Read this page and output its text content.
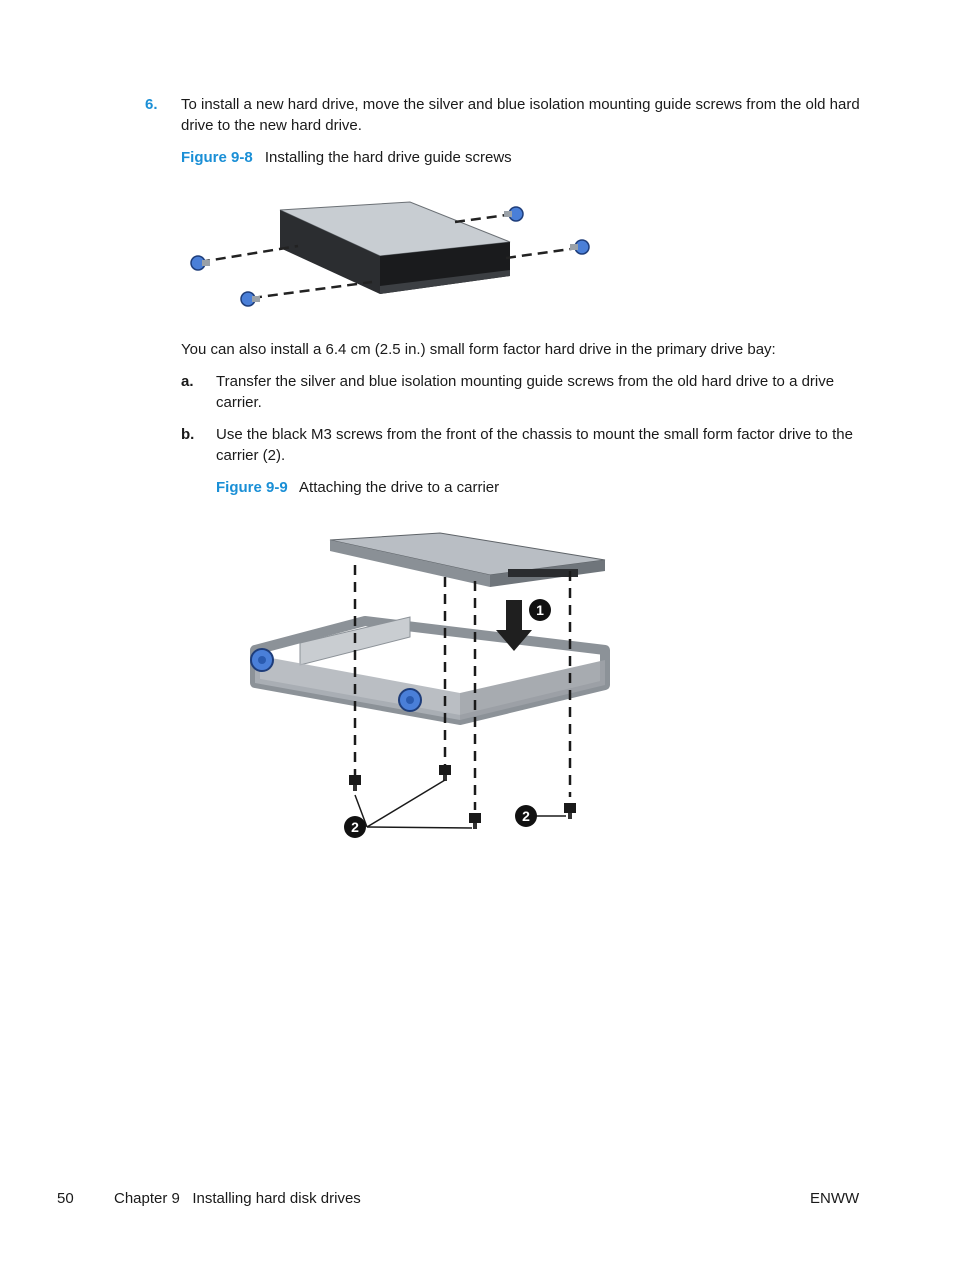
6. To install a new hard drive, move the silver and blue isolation mounting guide screws from the old hard drive to the new hard drive.
Figure 9-8 Installing the hard drive guide screws
You can also install a 6.4 cm (2.5 in.) small form factor hard drive in the primary drive bay:
a. Transfer the silver and blue isolation mounting guide screws from the old hard drive to a drive carrier.
b. Use the black M3 screws from the front of the chassis to mount the small form factor drive to the carrier (2).
Figure 9-9 Attaching the drive to a carrier
1
2
2
50	Chapter 9   Installing hard disk drives	ENWW
